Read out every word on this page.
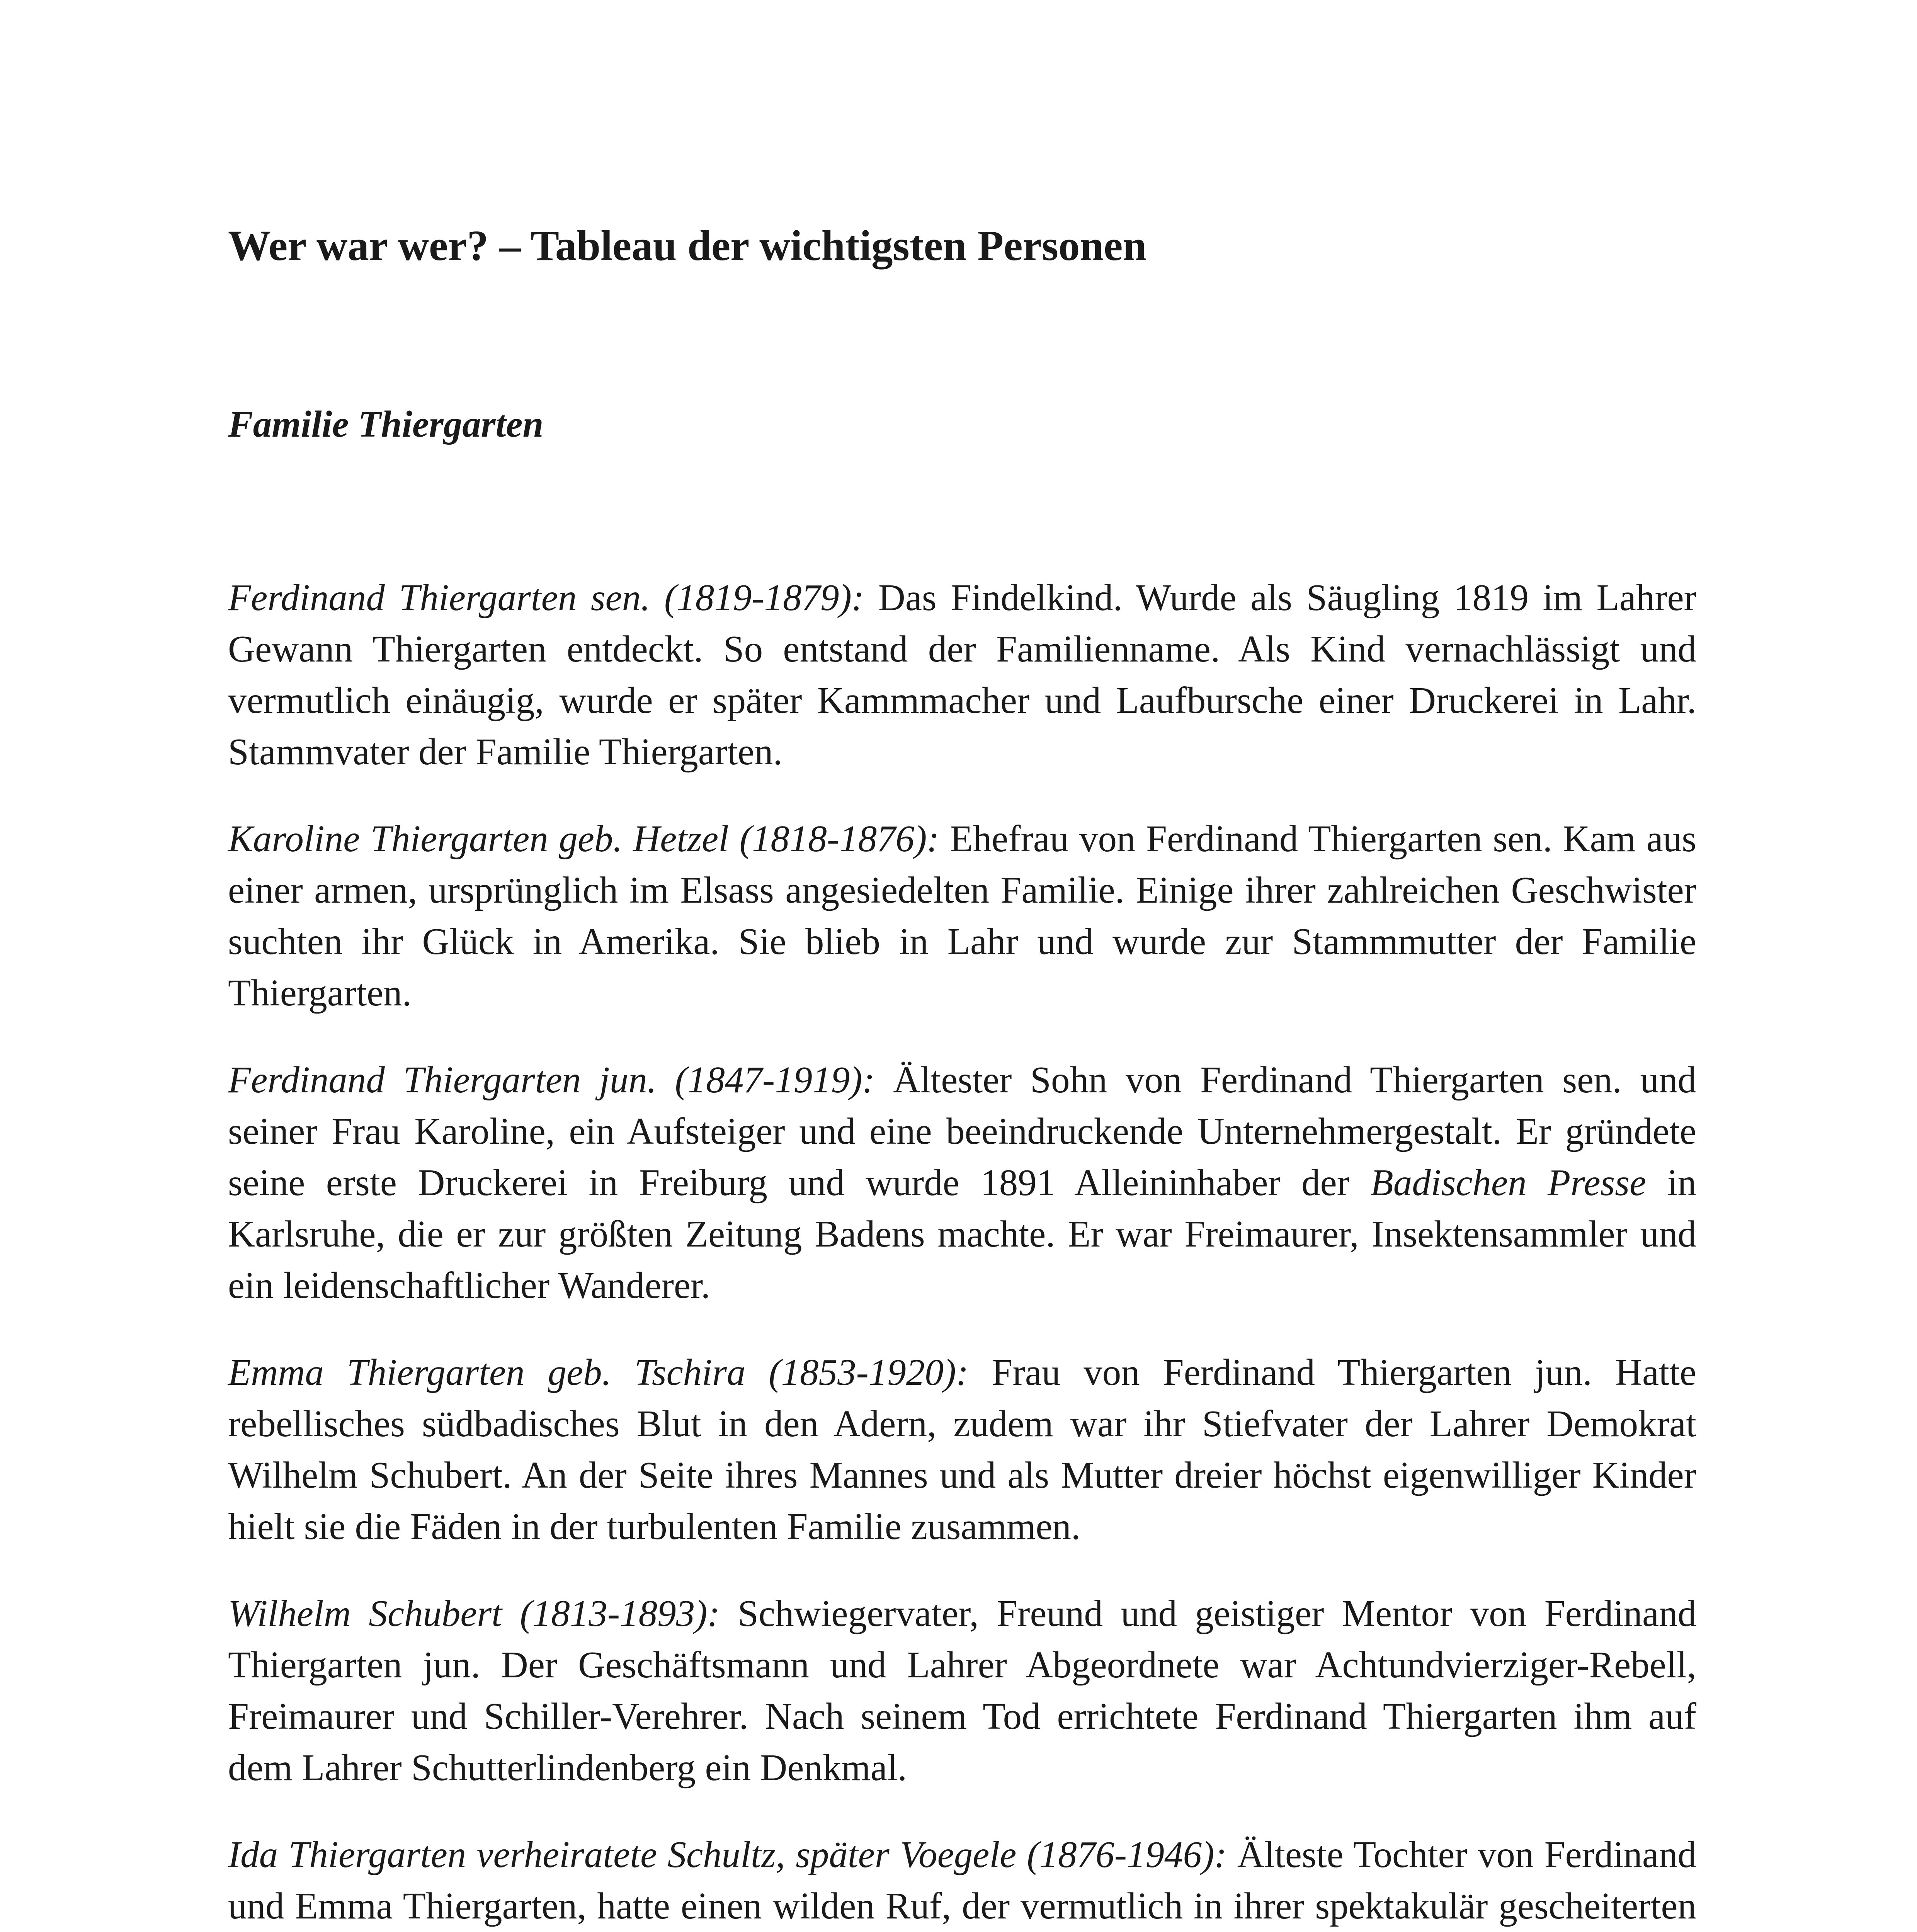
Wer war wer? – Tableau der wichtigsten Personen
Familie Thiergarten

Ferdinand Thiergarten sen. (1819-1879): Das Findelkind. Wurde als Säugling 1819 im Lahrer Gewann Thiergarten entdeckt. So entstand der Familienname. Als Kind vernachlässigt und vermutlich einäugig, wurde er später Kammmacher und Laufbursche einer Druckerei in Lahr. Stammvater der Familie Thiergarten.

Karoline Thiergarten geb. Hetzel (1818-1876): Ehefrau von Ferdinand Thiergarten sen. Kam aus einer armen, ursprünglich im Elsass angesiedelten Familie. Einige ihrer zahlreichen Geschwister suchten ihr Glück in Amerika. Sie blieb in Lahr und wurde zur Stammmutter der Familie Thiergarten.

Ferdinand Thiergarten jun. (1847-1919): Ältester Sohn von Ferdinand Thiergarten sen. und seiner Frau Karoline, ein Aufsteiger und eine beeindruckende Unternehmergestalt. Er gründete seine erste Druckerei in Freiburg und wurde 1891 Alleininhaber der Badischen Presse in Karlsruhe, die er zur größten Zeitung Badens machte. Er war Freimaurer, Insektensammler und ein leidenschaftlicher Wanderer.

Emma Thiergarten geb. Tschira (1853-1920): Frau von Ferdinand Thiergarten jun. Hatte rebellisches südbadisches Blut in den Adern, zudem war ihr Stiefvater der Lahrer Demokrat Wilhelm Schubert. An der Seite ihres Mannes und als Mutter dreier höchst eigenwilliger Kinder hielt sie die Fäden in der turbulenten Familie zusammen.

Wilhelm Schubert (1813-1893): Schwiegervater, Freund und geistiger Mentor von Ferdinand Thiergarten jun. Der Geschäftsmann und Lahrer Abgeordnete war Achtundvierziger-Rebell, Freimaurer und Schiller-Verehrer. Nach seinem Tod errichtete Ferdinand Thiergarten ihm auf dem Lahrer Schutterlindenberg ein Denkmal.

Ida Thiergarten verheiratete Schultz, später Voegele (1876-1946): Älteste Tochter von Ferdinand und Emma Thiergarten, hatte einen wilden Ruf, der vermutlich in ihrer spektakulär gescheiterten
